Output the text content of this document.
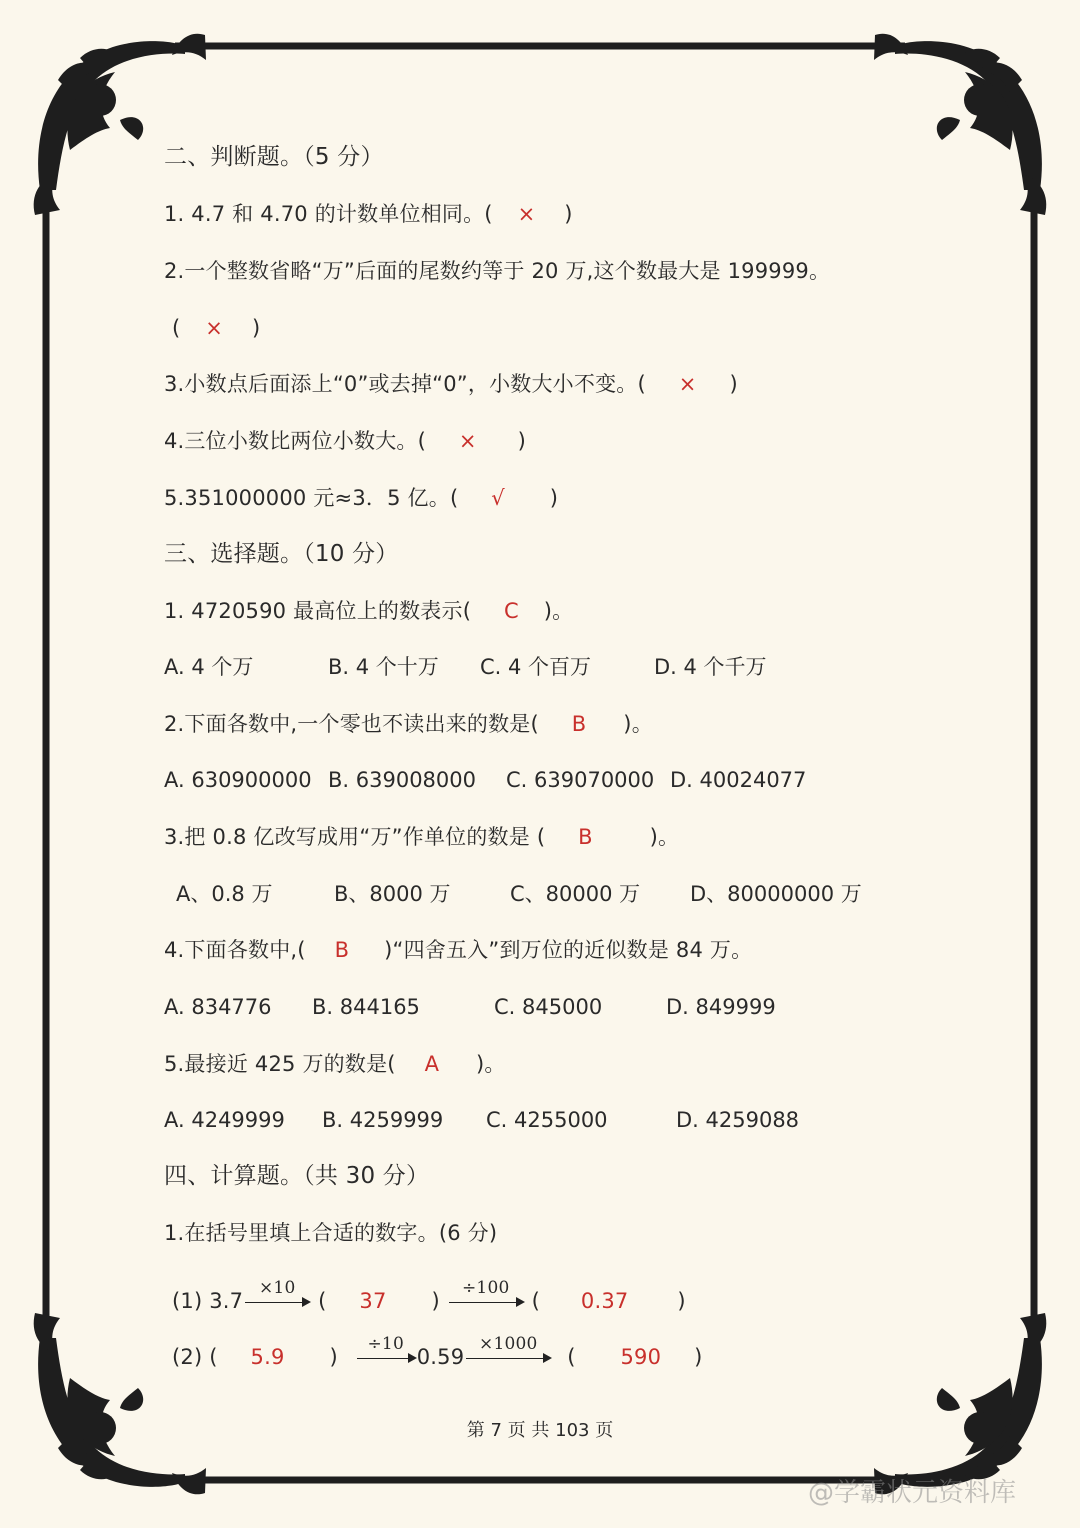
二、判断题。（5 分）
1. 4.7 和 4.70 的计数单位相同。( × )
2.一个整数省略“万”后面的尾数约等于 20 万,这个数最大是 199999。
( × )
3.小数点后面添上“0”或去掉“0”，小数大小不变。( × )
4.三位小数比两位小数大。( × )
5.351000000 元≈3．5 亿。( √ )
三、选择题。（10 分）
1. 4720590 最高位上的数表示( C )。
A. 4 个万	B. 4 个十万 C. 4 个百万	D. 4 个千万
2.下面各数中,一个零也不读出来的数是( B )。
A. 630900000 B. 639008000 C. 639070000 D. 40024077
3.把 0.8 亿改写成用“万”作单位的数是 ( B	)。
A、0.8 万	B、8000 万	C、80000 万 D、80000000 万
4.下面各数中,( B )“四舍五入”到万位的近似数是 84 万。
A. 834776 B. 844165	C. 845000	D. 849999
5.最接近 425 万的数是( A )。
A. 4249999 B. 4259999 C. 4255000	D. 4259088
四、计算题。（共 30 分）
1.在括号里填上合适的数字。(6 分)
(1) 3.7
×10
( 37 )
÷100
( 0.37 )
(2) ( 5.9 )
÷10
0.59
×1000
( 590 )
第 7 页 共 103 页
@学霸状元资料库
